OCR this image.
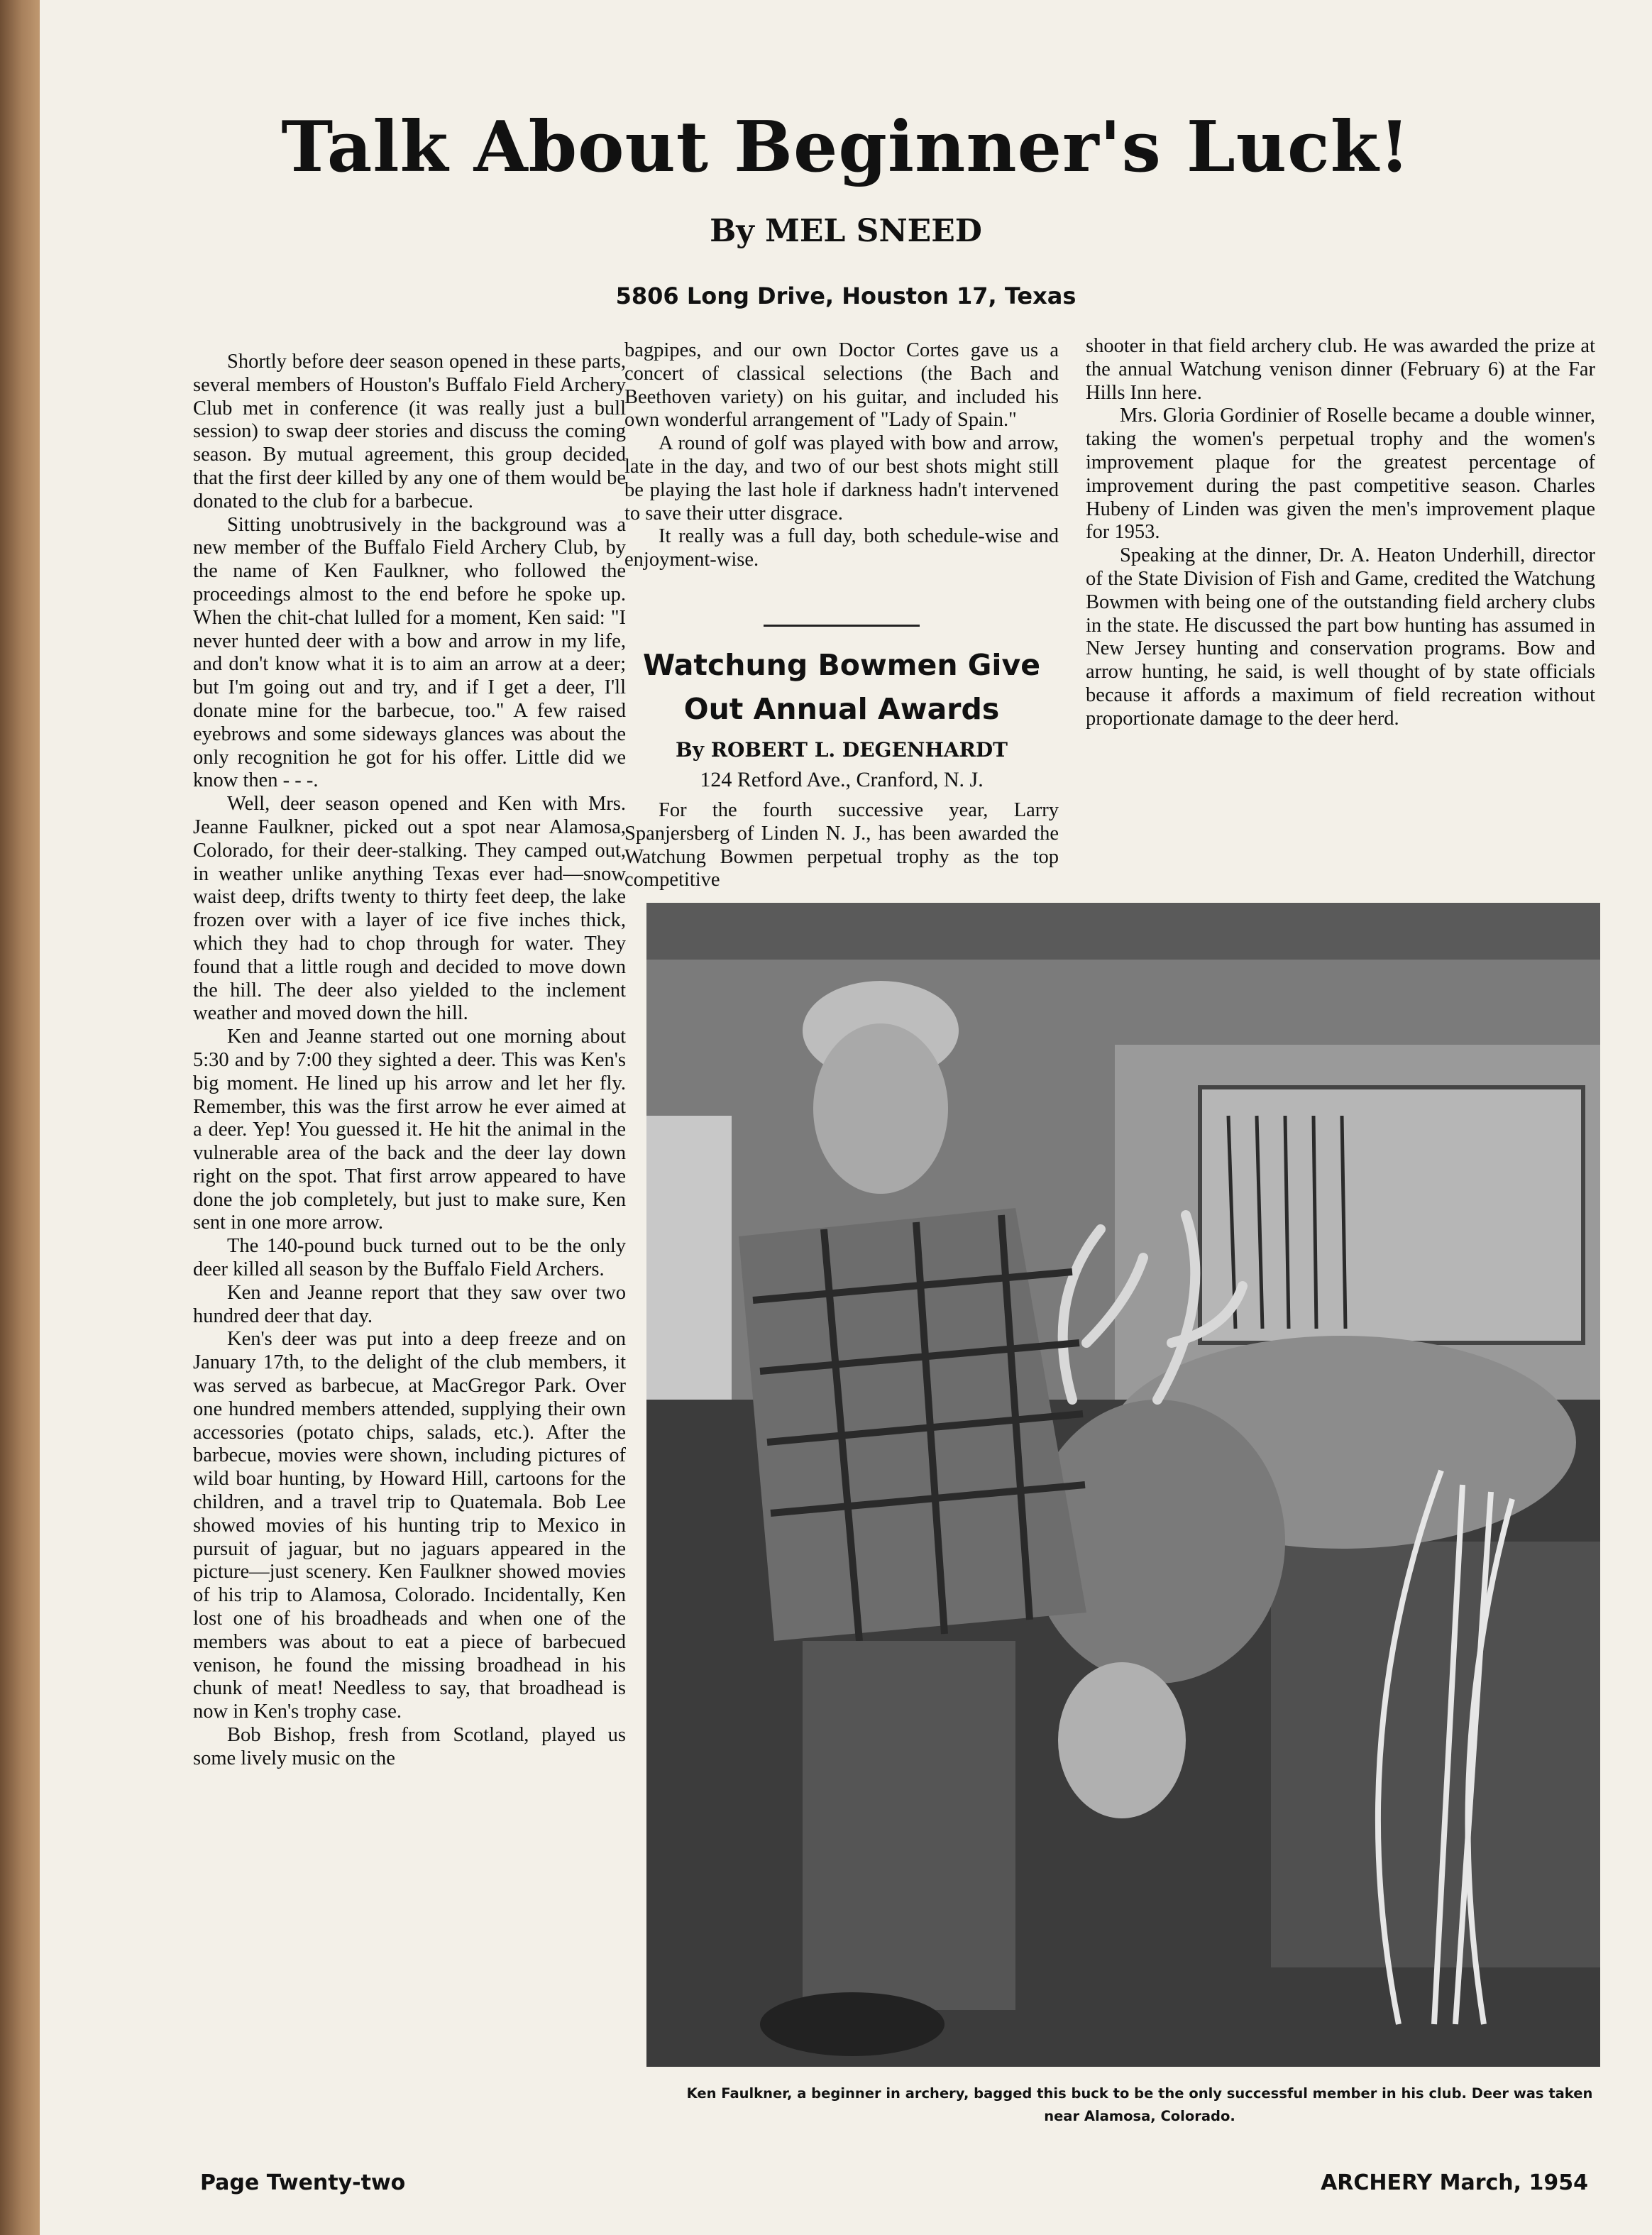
Talk About Beginner's Luck!

By MEL SNEED

5806 Long Drive, Houston 17, Texas

Shortly before deer season opened in these parts, several members of Houston's Buffalo Field Archery Club met in conference (it was really just a bull session) to swap deer stories and discuss the coming season. By mutual agreement, this group decided that the first deer killed by any one of them would be donated to the club for a barbecue.

Sitting unobtrusively in the background was a new member of the Buffalo Field Archery Club, by the name of Ken Faulkner, who followed the proceedings almost to the end before he spoke up. When the chit-chat lulled for a moment, Ken said: "I never hunted deer with a bow and arrow in my life, and don't know what it is to aim an arrow at a deer; but I'm going out and try, and if I get a deer, I'll donate mine for the barbecue, too." A few raised eyebrows and some sideways glances was about the only recognition he got for his offer. Little did we know then - - -.

Well, deer season opened and Ken with Mrs. Jeanne Faulkner, picked out a spot near Alamosa, Colorado, for their deer-stalking. They camped out, in weather unlike anything Texas ever had—snow waist deep, drifts twenty to thirty feet deep, the lake frozen over with a layer of ice five inches thick, which they had to chop through for water. They found that a little rough and decided to move down the hill. The deer also yielded to the inclement weather and moved down the hill.

Ken and Jeanne started out one morning about 5:30 and by 7:00 they sighted a deer. This was Ken's big moment. He lined up his arrow and let her fly. Remember, this was the first arrow he ever aimed at a deer. Yep! You guessed it. He hit the animal in the vulnerable area of the back and the deer lay down right on the spot. That first arrow appeared to have done the job completely, but just to make sure, Ken sent in one more arrow.

The 140-pound buck turned out to be the only deer killed all season by the Buffalo Field Archers.

Ken and Jeanne report that they saw over two hundred deer that day.

Ken's deer was put into a deep freeze and on January 17th, to the delight of the club members, it was served as barbecue, at MacGregor Park. Over one hundred members attended, supplying their own accessories (potato chips, salads, etc.). After the barbecue, movies were shown, including pictures of wild boar hunting, by Howard Hill, cartoons for the children, and a travel trip to Quatemala. Bob Lee showed movies of his hunting trip to Mexico in pursuit of jaguar, but no jaguars appeared in the picture—just scenery. Ken Faulkner showed movies of his trip to Alamosa, Colorado. Incidentally, Ken lost one of his broadheads and when one of the members was about to eat a piece of barbecued venison, he found the missing broadhead in his chunk of meat! Needless to say, that broadhead is now in Ken's trophy case.

Bob Bishop, fresh from Scotland, played us some lively music on the

bagpipes, and our own Doctor Cortes gave us a concert of classical selections (the Bach and Beethoven variety) on his guitar, and included his own wonderful arrangement of "Lady of Spain."

A round of golf was played with bow and arrow, late in the day, and two of our best shots might still be playing the last hole if darkness hadn't intervened to save their utter disgrace.

It really was a full day, both schedule-wise and enjoyment-wise.

Watchung Bowmen Give Out Annual Awards

By ROBERT L. DEGENHARDT

124 Retford Ave., Cranford, N. J.

For the fourth successive year, Larry Spanjersberg of Linden N. J., has been awarded the Watchung Bowmen perpetual trophy as the top competitive

shooter in that field archery club. He was awarded the prize at the annual Watchung venison dinner (February 6) at the Far Hills Inn here.

Mrs. Gloria Gordinier of Roselle became a double winner, taking the women's perpetual trophy and the women's improvement plaque for the greatest percentage of improvement during the past competitive season. Charles Hubeny of Linden was given the men's improvement plaque for 1953.

Speaking at the dinner, Dr. A. Heaton Underhill, director of the State Division of Fish and Game, credited the Watchung Bowmen with being one of the outstanding field archery clubs in the state. He discussed the part bow hunting has assumed in New Jersey hunting and conservation programs. Bow and arrow hunting, he said, is well thought of by state officials because it affords a maximum of field recreation without proportionate damage to the deer herd.

Ken Faulkner, a beginner in archery, bagged this buck to be the only successful member in his club. Deer was taken near Alamosa, Colorado.

Page Twenty-two	ARCHERY March, 1954
